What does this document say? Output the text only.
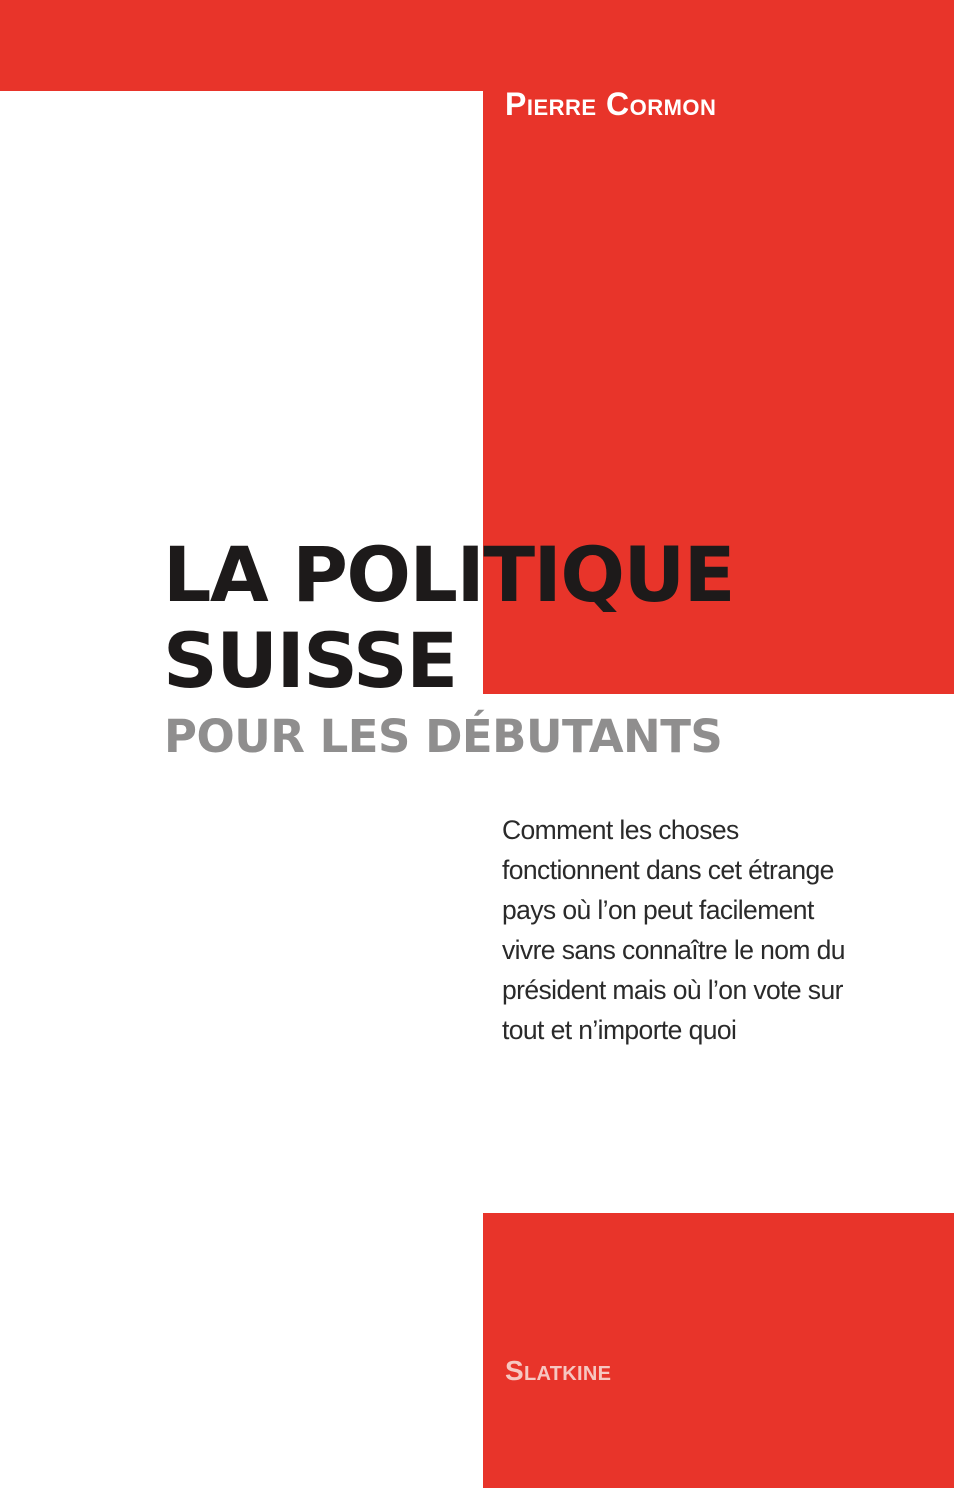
Pierre Cormon
LA POLITIQUE
SUISSE
POUR LES DÉBUTANTS
Comment les choses
fonctionnent dans cet étrange
pays où l’on peut facilement
vivre sans connaître le nom du
président mais où l’on vote sur
tout et n’importe quoi
Slatkine
